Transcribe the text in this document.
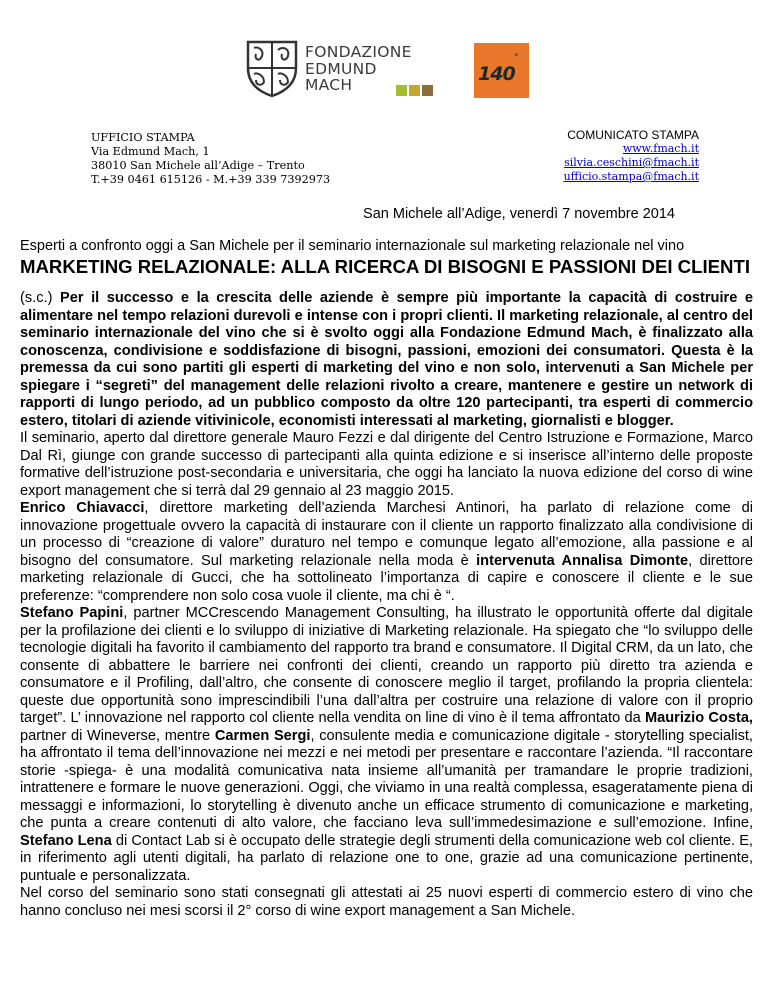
FONDAZIONE
EDMUND
MACH	140
°
UFFICIO STAMPA
Via Edmund Mach, 1
38010 San Michele all’Adige – Trento
T.+39 0461 615126 - M.+39 339 7392973
COMUNICATO STAMPA
www.fmach.it
silvia.ceschini@fmach.it
ufficio.stampa@fmach.it
San Michele all’Adige, venerdì 7 novembre 2014
Esperti a confronto oggi a San Michele per il seminario internazionale sul marketing relazionale nel vino
MARKETING RELAZIONALE: ALLA RICERCA DI BISOGNI E PASSIONI DEI CLIENTI

(s.c.) Per il successo e la crescita delle aziende è sempre più importante la capacità di costruire e alimentare nel tempo relazioni durevoli e intense con i propri clienti. Il marketing relazionale, al centro del seminario internazionale del vino che si è svolto oggi alla Fondazione Edmund Mach, è finalizzato alla conoscenza, condivisione e soddisfazione di bisogni, passioni, emozioni dei consumatori. Questa è la premessa da cui sono partiti gli esperti di marketing del vino e non solo, intervenuti a San Michele per spiegare i “segreti” del management delle relazioni rivolto a creare, mantenere e gestire un network di rapporti di lungo periodo, ad un pubblico composto da oltre 120 partecipanti, tra esperti di commercio estero, titolari di aziende vitivinicole, economisti interessati al marketing, giornalisti e blogger.

Il seminario, aperto dal direttore generale Mauro Fezzi e dal dirigente del Centro Istruzione e Formazione, Marco Dal Rì, giunge con grande successo di partecipanti alla quinta edizione e si inserisce all’interno delle proposte formative dell’istruzione post-secondaria e universitaria, che oggi ha lanciato la nuova edizione del corso di wine export management che si terrà dal 29 gennaio al 23 maggio 2015.

Enrico Chiavacci, direttore marketing dell’azienda Marchesi Antinori, ha parlato di relazione come di innovazione progettuale ovvero la capacità di instaurare con il cliente un rapporto finalizzato alla condivisione di un processo di “creazione di valore” duraturo nel tempo e comunque legato all’emozione, alla passione e al bisogno del consumatore. Sul marketing relazionale nella moda è intervenuta Annalisa Dimonte, direttore marketing relazionale di Gucci, che ha sottolineato l’importanza di capire e conoscere il cliente e le sue preferenze: “comprendere non solo cosa vuole il cliente, ma chi è “.

Stefano Papini, partner MCCrescendo Management Consulting, ha illustrato le opportunità offerte dal digitale per la profilazione dei clienti e lo sviluppo di iniziative di Marketing relazionale. Ha spiegato che “lo sviluppo delle tecnologie digitali ha favorito il cambiamento del rapporto tra brand e consumatore. Il Digital CRM, da un lato, che consente di abbattere le barriere nei confronti dei clienti, creando un rapporto più diretto tra azienda e consumatore e il Profiling, dall’altro, che consente di conoscere meglio il target, profilando la propria clientela: queste due opportunità sono imprescindibili l’una dall’altra per costruire una relazione di valore con il proprio target”. L’ innovazione nel rapporto col cliente nella vendita on line di vino è il tema affrontato da Maurizio Costa, partner di Wineverse, mentre Carmen Sergi, consulente media e comunicazione digitale - storytelling specialist, ha affrontato il tema dell’innovazione nei mezzi e nei metodi per presentare e raccontare l’azienda. “Il raccontare storie -spiega- è una modalità comunicativa nata insieme all’umanità per tramandare le proprie tradizioni, intrattenere e formare le nuove generazioni. Oggi, che viviamo in una realtà complessa, esageratamente piena di messaggi e informazioni, lo storytelling è divenuto anche un efficace strumento di comunicazione e marketing, che punta a creare contenuti di alto valore, che facciano leva sull’immedesimazione e sull’emozione. Infine, Stefano Lena di Contact Lab si è occupato delle strategie degli strumenti della comunicazione web col cliente. E, in riferimento agli utenti digitali, ha parlato di relazione one to one, grazie ad una comunicazione pertinente, puntuale e personalizzata.

Nel corso del seminario sono stati consegnati gli attestati ai 25 nuovi esperti di commercio estero di vino che hanno concluso nei mesi scorsi il 2° corso di wine export management a San Michele.
